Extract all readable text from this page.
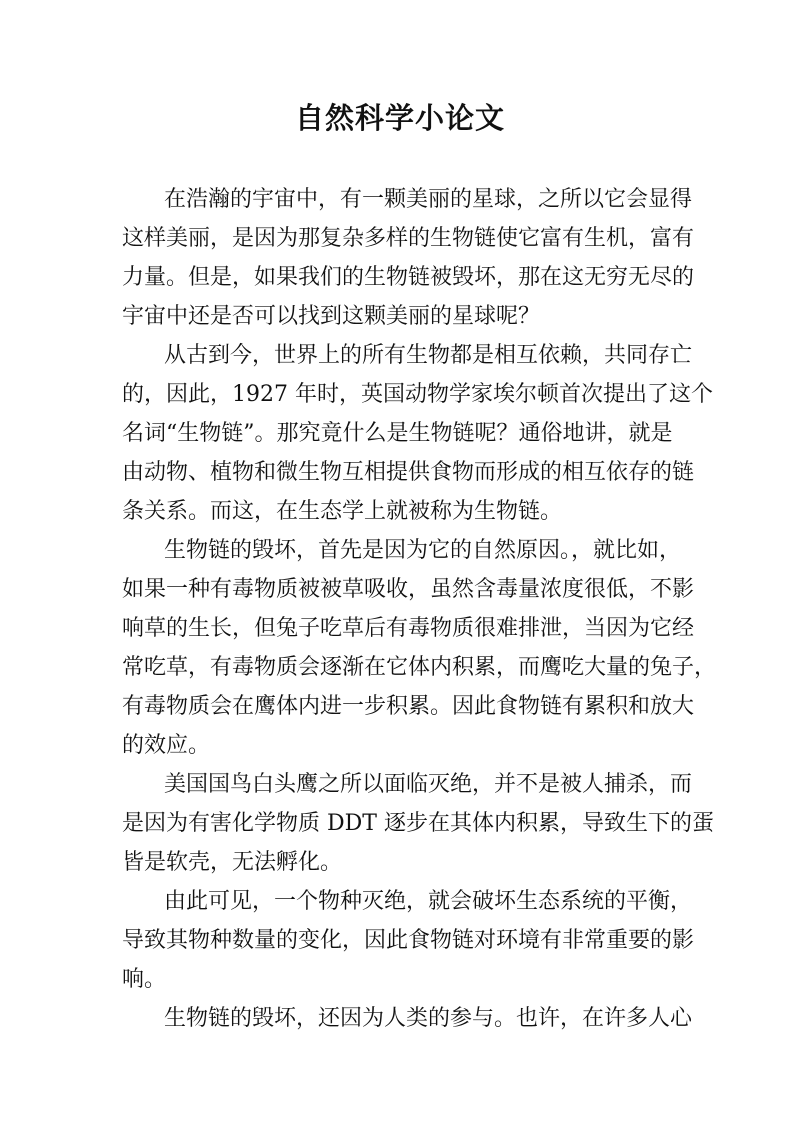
自然科学小论文
在浩瀚的宇宙中，有一颗美丽的星球，之所以它会显得
这样美丽，是因为那复杂多样的生物链使它富有生机，富有
力量。但是，如果我们的生物链被毁坏，那在这无穷无尽的
宇宙中还是否可以找到这颗美丽的星球呢？
从古到今，世界上的所有生物都是相互依赖，共同存亡
的，因此，1927 年时，英国动物学家埃尔顿首次提出了这个
名词“生物链”。那究竟什么是生物链呢？通俗地讲，就是
由动物、植物和微生物互相提供食物而形成的相互依存的链
条关系。而这，在生态学上就被称为生物链。
生物链的毁坏，首先是因为它的自然原因。，就比如，
如果一种有毒物质被被草吸收，虽然含毒量浓度很低，不影
响草的生长，但兔子吃草后有毒物质很难排泄，当因为它经
常吃草，有毒物质会逐渐在它体内积累，而鹰吃大量的兔子，
有毒物质会在鹰体内进一步积累。因此食物链有累积和放大
的效应。
美国国鸟白头鹰之所以面临灭绝，并不是被人捕杀，而
是因为有害化学物质 DDT 逐步在其体内积累，导致生下的蛋
皆是软壳，无法孵化。
由此可见，一个物种灭绝，就会破坏生态系统的平衡，
导致其物种数量的变化，因此食物链对环境有非常重要的影
响。
生物链的毁坏，还因为人类的参与。也许，在许多人心
